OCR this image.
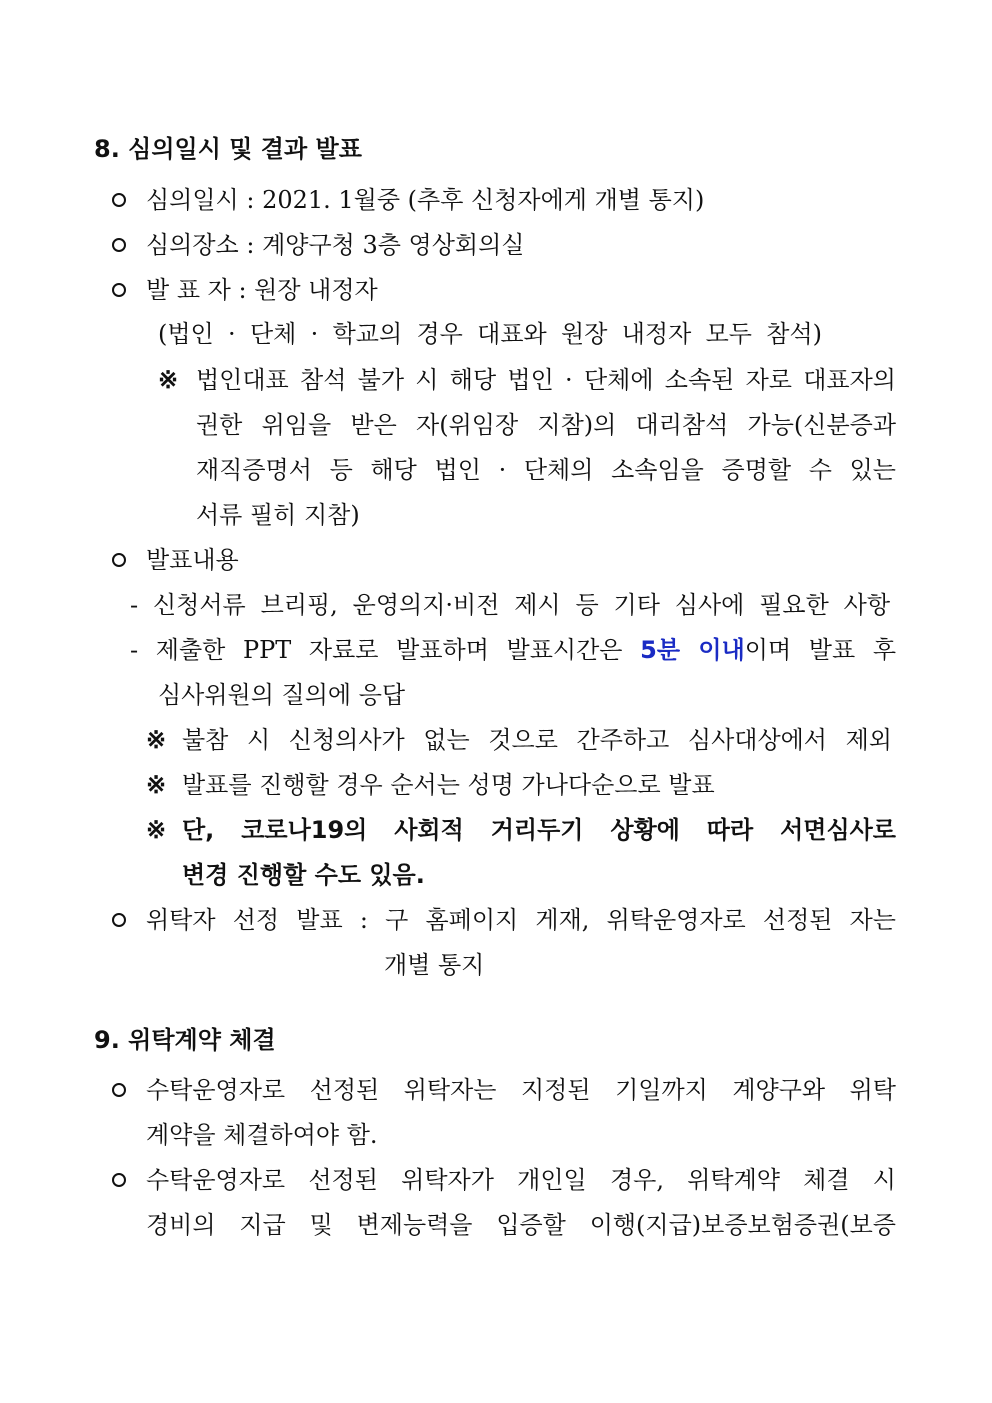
8. 심의일시 및 결과 발표
심의일시 : 2021. 1월중 (추후 신청자에게 개별 통지)
심의장소 : 계양구청 3층 영상회의실
발 표 자 : 원장 내정자
(법인 · 단체 · 학교의 경우 대표와 원장 내정자 모두 참석)
※ 법인대표 참석 불가 시 해당 법인 · 단체에 소속된 자로 대표자의
권한 위임을 받은 자(위임장 지참)의 대리참석 가능(신분증과
재직증명서 등 해당 법인 · 단체의 소속임을 증명할 수 있는
서류 필히 지참)
발표내용
- 신청서류 브리핑, 운영의지·비전 제시 등 기타 심사에 필요한 사항
- 제출한 PPT 자료로 발표하며 발표시간은 5분 이내이며 발표 후
심사위원의 질의에 응답
※ 불참 시 신청의사가 없는 것으로 간주하고 심사대상에서 제외
※ 발표를 진행할 경우 순서는 성명 가나다순으로 발표
※ 단, 코로나19의 사회적 거리두기 상황에 따라 서면심사로
변경 진행할 수도 있음.
위탁자 선정 발표 : 구 홈페이지 게재, 위탁운영자로 선정된 자는
개별 통지
9. 위탁계약 체결
수탁운영자로 선정된 위탁자는 지정된 기일까지 계양구와 위탁
계약을 체결하여야 함.
수탁운영자로 선정된 위탁자가 개인일 경우, 위탁계약 체결 시
경비의 지급 및 변제능력을 입증할 이행(지급)보증보험증권(보증
